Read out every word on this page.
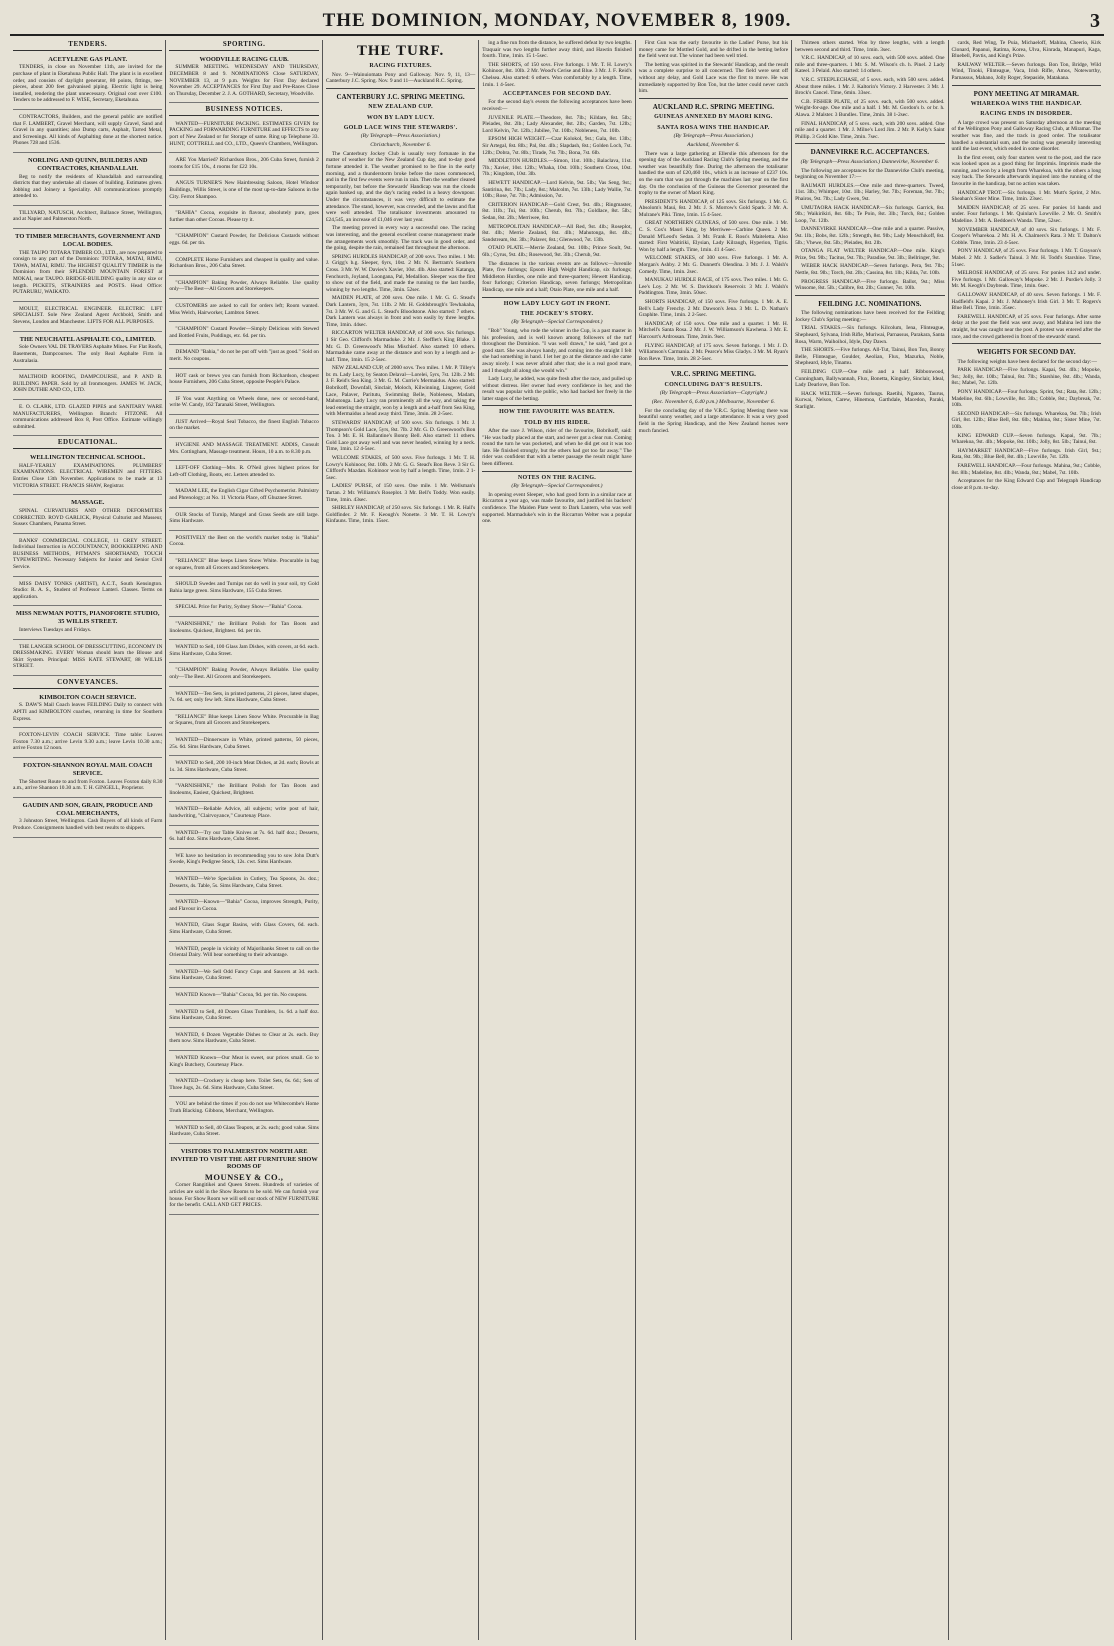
THE DOMINION, MONDAY, NOVEMBER 8, 1909.	3
TENDERS.
ACETYLENE GAS PLANT.

TENDERS, in close on November 11th, are invited for the purchase of plant in Eketahuna Public Hall. The plant is in excellent order, and consists of daylight generator, 80 points, fittings, tee-pieces, about 200 feet galvanised piping. Electric light is being installed, rendering the plant unnecessary. Original cost over £100. Tenders to be addressed to F. WISE, Secretary, Eketahuna.

CONTRACTORS, Builders, and the general public are notified that F. LAMBERT, Gravel Merchant, will supply Gravel, Sand and Gravel in any quantities; also Dump carts, Asphalt, Tarred Metal, and Screenings. All kinds of Asphalting done at the shortest notice. Phones 728 and 1536.

NORLING AND QUINN, BUILDERS AND CONTRACTORS, KHANDALLAH.

Beg to notify the residents of Khandallah and surrounding districts that they undertake all classes of building. Estimates given. Jobbing and Joinery a Speciality. All communications promptly attended to.

TILLYARD, NATUSCH, Architect, Ballance Street, Wellington, and at Napier and Palmerston North.

TO TIMBER MERCHANTS, GOVERNMENT AND LOCAL BODIES.

THE TAUPO TOTARA TIMBER CO., LTD., are now prepared to consign to any part of the Dominion: TOTARA, MATAI, RIMU, TAWA, MATAI, RIMU. The HIGHEST QUALITY TIMBER in the Dominion from their SPLENDID MOUNTAIN FOREST at MOKAI, near TAUPO. BRIDGE-BUILDING quality in any size or length. PICKETS, STRAINERS and POSTS. Head Office: PUTARURU, WAIKATO.

MOULT, ELECTRICAL ENGINEER. ELECTRIC LIFT SPECIALIST. Sole New Zealand Agent Archbold, Smith and Stevens, London and Manchester. LIFTS FOR ALL PURPOSES.

THE NEUCHATEL ASPHALTE CO., LIMITED.

Sole Owners VAL DE TRAVERS Asphalte Mines. For Flat Roofs, Basements, Dampcourses. The only Real Asphalte Firm in Australasia.

MALTHOID ROOFING, DAMPCOURSE, and P. AND B. BUILDING PAPER. Sold by all Ironmongers. JAMES W. JACK, JOHN DUTHIE AND CO., LTD.

E. O. CLARK, LTD. GLAZED PIPES and SANITARY WARE MANUFACTURERS, Wellington Branch: FITZONE. All communications addressed Box 8, Post Office. Estimate willingly submitted.

EDUCATIONAL.
WELLINGTON TECHNICAL SCHOOL.

HALF-YEARLY EXAMINATIONS. PLUMBERS' EXAMINATIONS. ELECTRICAL WIREMEN and FITTERS. Entries Close 13th November. Applications to be made at 13 VICTORIA STREET. FRANCIS SHAW, Registrar.

MASSAGE.

SPINAL CURVATURES AND OTHER DEFORMITIES CORRECTED. ROYD GARLICK, Physical Culturist and Masseur, Sussex Chambers, Panama Street.

BANKS' COMMERCIAL COLLEGE, 11 GREY STREET. Individual Instruction in ACCOUNTANCY, BOOKKEEPING AND BUSINESS METHODS, PITMAN'S SHORTHAND, TOUCH TYPEWRITING. Necessary Subjects for Junior and Senior Civil Service.

MISS DAISY TONKS (ARTIST), A.C.T., South Kensington. Studio: R. A. S., Student of Professor Lanteri. Classes. Terms on application.

MISS NEWMAN POTTS, PIANOFORTE STUDIO, 35 WILLIS STREET.

Interviews Tuesdays and Fridays.

THE LANGER SCHOOL OF DRESSCUTTING, ECONOMY IN DRESSMAKING. EVERY Woman should learn the Blouse and Skirt System. Principal: MISS KATE STEWART, 88 WILLIS STREET.

CONVEYANCES.
KIMBOLTON COACH SERVICE.

S. DAW'S Mail Coach leaves FEILDING Daily to connect with APITI and KIMBOLTON coaches, returning in time for Southern Express.

FOXTON-LEVIN COACH SERVICE. Time table: Leaves Foxton 7.30 a.m.; arrive Levin 9.30 a.m.; leave Levin 10.30 a.m.; arrive Foxton 12 noon.

FOXTON-SHANNON ROYAL MAIL COACH SERVICE.

The Shortest Route to and from Foxton. Leaves Foxton daily 8.30 a.m., arrive Shannon 10.30 a.m. T. H. GINGELL, Proprietor.

GAUDIN AND SON, GRAIN, PRODUCE AND COAL MERCHANTS,

3 Johnston Street, Wellington. Cash Buyers of all kinds of Farm Produce. Consignments handled with best results to shippers.

SPORTING.
WOODVILLE RACING CLUB.

SUMMER MEETING. WEDNESDAY AND THURSDAY, DECEMBER 8 and 9. NOMINATIONS Close SATURDAY, NOVEMBER 13, at 9 p.m. Weights for First Day declared November 29. ACCEPTANCES for First Day and Pre-Races Close on Thursday, December 2. J. A. GOTHARD, Secretary, Woodville.

BUSINESS NOTICES.

WANTED—FURNITURE PACKING. ESTIMATES GIVEN for PACKING and FORWARDING FURNITURE and EFFECTS to any port of New Zealand or for Storage of same. Ring up Telephone 33. HUNT, COTTRELL and CO., LTD., Queen's Chambers, Wellington.

ARE You Married? Richardson Bros., 206 Cuba Street, furnish 2 rooms for £15 10s., 4 rooms for £22 10s.

ANGUS TURNER'S New Hairdressing Saloon, Hotel Windsor Buildings, Willis Street, is one of the most up-to-date Saloons in the City. Ferrot Shampoo.

"BAHIA" Cocoa, exquisite in flavour, absolutely pure, goes further than other Cocoas. Please try it.

"CHAMPION" Custard Powder, for Delicious Custards without eggs. 6d. per tin.

COMPLETE Home Furnishers and cheapest in quality and value. Richardson Bros., 206 Cuba Street.

"CHAMPION" Baking Powder, Always Reliable. Use quality only—The Best—All Grocers and Storekeepers.

CUSTOMERS are asked to call for orders left; Room wanted. Miss Welch, Hairworker, Lambton Street.

"CHAMPION" Custard Powder—Simply Delicious with Stewed and Bottled Fruits, Puddings, etc. 6d. per tin.

DEMAND "Bahia," do not be put off with "just as good." Sold on merit. No coupons.

HOT cask or brews you can furnish from Richardson, cheapest house Furnishers, 206 Cuba Street, opposite People's Palace.

IF You want Anything on Wheels done, new or second-hand, write W. Candy, 162 Taranaki Street, Wellington.

JUST Arrived—Royal Seal Tobacco, the finest English Tobacco on the market.

HYGIENE AND MASSAGE TREATMENT. ADDIS, Consult Mrs. Cottingham, Massage treatment. Hours, 10 a.m. to 8.30 p.m.

LEFT-OFF Clothing—Mrs. R. O'Neil gives highest prices for Left-off Clothing, Boots, etc. Letters attended to.

MADAM LEE, the English Cigar Gifted Psychometrist. Palmistry and Phrenology; at No. 11 Victoria Place, off Ghuznee Street.

OUR Stocks of Turnip, Mangel and Grass Seeds are still large. Sims Hardware.

POSITIVELY the Best on the world's market today is "Bahia" Cocoa.

"RELIANCE" Blue keeps Linen Snow White. Procurable in bag or squares, from all Grocers and Storekeepers.

SHOULD Swedes and Turnips not do well in your soil, try Gold Bahia large green. Sims Hardware, 155 Cuba Street.

SPECIAL Price for Purity, Sydney Show—"Bahia" Cocoa.

"VARNISHINE," the Brilliant Polish for Tan Boots and linoleums. Quickest, Brightest. 6d. per tin.

WANTED to Sell, 100 Glass Jam Dishes, with covers, at 6d. each. Sims Hardware, Cuba Street.

"CHAMPION" Baking Powder, Always Reliable. Use quality only—The Best. All Grocers and Storekeepers.

WANTED—Ten Sets, in printed patterns, 21 pieces, latest shapes, 7s. 6d. set; only few left. Sims Hardware, Cuba Street.

"RELIANCE" Blue keeps Linen Snow White. Procurable in Bag or Squares, from all Grocers and Storekeepers.

WANTED—Dinnerware in White, printed patterns, 50 pieces, 25s. 6d. Sims Hardware, Cuba Street.

WANTED to Sell, 200 10-inch Meat Dishes, at 2d. each; Bowls at 1s. 3d. Sims Hardware, Cuba Street.

"VARNISHINE," the Brilliant Polish for Tan Boots and linoleums, Easiest, Quickest, Brightest.

WANTED—Reliable Advice, all subjects; write post of hair, handwriting, "Clairvoyance," Courtenay Place.

WANTED—Try our Table Knives at 7s. 6d. half doz.; Desserts, 6s. half doz. Sims Hardware, Cuba Street.

WE have no hesitation in recommending you to sow John Dutt's Swede, King's Pedigree Stock, 12s. cwt. Sims Hardware.

WANTED—We're Specialists in Cutlery, Tea Spoons, 2s. doz.; Desserts, 4s. Table, 5s. Sims Hardware, Cuba Street.

WANTED—Known—"Bahia" Cocoa, improves Strength, Purity, and Flavour in Cocoa.

WANTED, Glass Sugar Basins, with Glass Covers, 6d. each. Sims Hardware, Cuba Street.

WANTED, people in vicinity of Majoribanks Street to call on the Oriental Dairy. Will bear something to their advantage.

WANTED—We Sell Odd Fancy Cups and Saucers at 3d. each. Sims Hardware, Cuba Street.

WANTED Known—"Bahia" Cocoa, 9d. per tin. No coupons.

WANTED to Sell, 40 Dozen Glass Tumblers, 1s. 6d. a half doz. Sims Hardware, Cuba Street.

WANTED, 6 Dozen Vegetable Dishes to Clear at 2s. each. Buy them now. Sims Hardware, Cuba Street.

WANTED Known—Our Meat is sweet, our prices small. Go to King's Butchery, Courtenay Place.

WANTED—Crockery is cheap here. Toilet Sets, 6s. 6d.; Sets of Three Jugs, 2s. 6d. Sims Hardware, Cuba Street.

YOU are behind the times if you do not use Whitecombe's Home Truth Blacking. Gibbons, Merchant, Wellington.

WANTED to Sell, 40 Glass Teapots, at 2s. each; good value. Sims Hardware, Cuba Street.

VISITORS TO PALMERSTON NORTH ARE INVITED TO VISIT THE ART FURNITURE SHOW ROOMS OF
MOUNSEY & CO.,

Corner Rangitikei and Queen Streets. Hundreds of varieties of articles are sold in the Show Rooms to be sold. We can furnish your house. For Show Room we will sell our stock of NEW FURNITURE for the benefit. CALL AND GET PRICES.

THE TURF.
RACING FIXTURES.

Nov. 9—Wainuiomata Pony and Galloway. Nov. 9, 11, 13—Canterbury J.C. Spring. Nov. 9 and 11—Auckland R.C. Spring.

CANTERBURY J.C. SPRING MEETING.
NEW ZEALAND CUP.
WON BY LADY LUCY.
GOLD LACE WINS THE STEWARDS'.
(By Telegraph—Press Association.)
Christchurch, November 6.

The Canterbury Jockey Club is usually very fortunate in the matter of weather for the New Zealand Cup day, and to-day good fortune attended it. The weather promised to be fine in the early morning, and a thunderstorm broke before the races commenced, and in the first few events were run in rain. Then the weather cleared temporarily, but before the Stewards' Handicap was run the clouds again banked up, and the day's racing ended in a heavy downpour. Under the circumstances, it was very difficult to estimate the attendance. The stand, however, was crowded, and the lawns and flat were well attended. The totalisator investments amounted to £24,545, an increase of £1,046 over last year.

The meeting proved in every way a successful one. The racing was interesting, and the general excellent course management made the arrangements work smoothly. The track was in good order, and the going, despite the rain, remained fast throughout the afternoon.

SPRING HURDLES HANDICAP, of 200 sovs. Two miles. 1 Mr. J. Grigg's b.g. Sleeper, 6yrs, 10st. 2 Mr. N. Bertram's Southern Cross. 3 Mr. W. W. Davies's Xavier, 10st. 4lb. Also started: Katanga, Fenchurch, Joyland, Loongana, Pal, Medallion. Sleeper was the first to show out of the field, and made the running to the last hurdle, winning by two lengths. Time, 3min. 52sec.

MAIDEN PLATE, of 200 sovs. One mile. 1 Mr. G. G. Stead's Dark Lantern, 3yrs, 7st. 11lb. 2 Mr. H. Goldsbrough's Tewhakaha, 7st. 3 Mr. W. G. and G. L. Stead's Bloodstone. Also started: 7 others. Dark Lantern was always in front and won easily by three lengths. Time, 1min. 44sec.

RICCARTON WELTER HANDICAP, of 300 sovs. Six furlongs. 1 Sir Geo. Clifford's Marmaduke. 2 Mr. J. Stefflet's King Blake. 3 Mr. G. D. Greenwood's Miss Mischief. Also started: 10 others. Marmaduke came away at the distance and won by a length and a-half. Time, 1min. 15 2-5sec.

NEW ZEALAND CUP, of 2000 sovs. Two miles. 1 Mr. P. Tilley's br. m. Lady Lucy, by Seaton Delaval—Lorelei, 5yrs, 7st. 12lb. 2 Mr. J. F. Reid's Sea King. 3 Mr. G. M. Currie's Mermaidus. Also started: Bobrikoff, Downfall, Sinclair, Moloch, Kilwinning, Lingerer, Gold Lace, Palaver, Paritutu, Swimming Belle, Nobleness, Madam, Mahutonga. Lady Lucy ran prominently all the way, and taking the lead entering the straight, won by a length and a-half from Sea King, with Mermaidus a head away third. Time, 3min. 28 2-5sec.

STEWARDS' HANDICAP, of 500 sovs. Six furlongs. 1 Mr. J. Thompson's Gold Lace, 5yrs, 8st. 7lb. 2 Mr. G. D. Greenwood's Bon Ton. 3 Mr. E. H. Ballantine's Bonny Bell. Also started: 11 others. Gold Lace got away well and was never headed, winning by a neck. Time, 1min. 12 4-5sec.

WELCOME STAKES, of 500 sovs. Five furlongs. 1 Mr. T. H. Lowry's Kohinoor, 8st. 10lb. 2 Mr. G. G. Stead's Bon Reve. 3 Sir G. Clifford's Mazdan. Kohinoor won by half a length. Time, 1min. 2 1-5sec.

LADIES' PURSE, of 150 sovs. One mile. 1 Mr. Wellsman's Tartan. 2 Mr. Williams's Roseplot. 3 Mr. Bell's Toddy. Won easily. Time, 1min. 43sec.

SHIRLEY HANDICAP, of 250 sovs. Six furlongs. 1 Mr. R. Hall's Goldfinder. 2 Mr. F. Keough's Nonette. 3 Mr. T. H. Lowry's Kinfauns. Time, 1min. 15sec.

ing a fine run from the distance, he suffered defeat by two lengths. Traquair was two lengths further away third, and Hawtin finished fourth. Time, 1min. 15 1-5sec.

THE SHORTS, of 150 sovs. Five furlongs. 1 Mr. T. H. Lowry's Kohinoor, 8st. 10lb. 2 Mr. Wood's Cerise and Blue. 3 Mr. J. F. Reid's Chelsea. Also started: 6 others. Won comfortably by a length. Time, 1min. 1 4-5sec.

ACCEPTANCES FOR SECOND DAY.

For the second day's events the following acceptances have been received:—

JUVENILE PLATE.—Theodore, 8st. 7lb.; Kildare, 8st. 5lb.; Pleiades, 8st. 2lb.; Lady Alexander, 8st. 2lb.; Garden, 7st. 12lb.; Lord Kelvin, 7st. 12lb.; Jubilee, 7st. 10lb.; Nobleness, 7st. 10lb.

EPSOM HIGH WEIGHT.—Czar Kolokol, 9st.; Gala, 8st. 13lb.; Sir Artegal, 8st. 8lb.; Pal, 8st. 4lb.; Slapdash, 8st.; Golden Loch, 7st. 12lb.; Dobra, 7st. 8lb.; Tirade, 7st. 7lb.; Bona, 7st. 6lb.

MIDDLETON HURDLES.—Simon, 11st. 10lb.; Balaclava, 11st. 7lb.; Xavier, 10st. 12lb.; Whaka, 10st. 10lb.; Southern Cross, 10st. 7lb.; Kingdom, 10st. 3lb.

HEWETT HANDICAP.—Lord Kelvin, 9st. 5lb.; Vas Seng, 9st.; Santirina, 8st. 7lb.; Lady, 8st.; Malcolm, 7st. 13lb.; Lady Wallie, 7st. 10lb.; Rose, 7st. 7lb.; Admission, 7st.

CRITERION HANDICAP.—Gold Crest, 9st. 4lb.; Ringmaster, 8st. 11lb.; Tui, 8st. 10lb.; Cherub, 8st. 7lb.; Goldlace, 8st. 5lb.; Sedan, 8st. 2lb.; Merriwee, 8st.

METROPOLITAN HANDICAP.—All Red, 9st. 4lb.; Roseplot, 8st. 4lb.; Merrie Zealand, 8st. 4lb.; Mahutonga, 8st. 4lb.; Sandstream, 8st. 3lb.; Palaver, 8st.; Glenwood, 7st. 13lb.

OTAIO PLATE.—Merrie Zealand, 9st. 10lb.; Prince Soult, 9st. 6lb.; Cyrus, 9st. 4lb.; Rosewood, 9st. 3lb.; Cherub, 9st.

The distances in the various events are as follows:—Juvenile Plate, five furlongs; Epsom High Weight Handicap, six furlongs; Middleton Hurdles, one mile and three-quarters; Hewett Handicap, four furlongs; Criterion Handicap, seven furlongs; Metropolitan Handicap, one mile and a half; Otaio Plate, one mile and a half.

HOW LADY LUCY GOT IN FRONT.
THE JOCKEY'S STORY.
(By Telegraph—Special Correspondent.)

"Bob" Young, who rode the winner in the Cup, is a past master in his profession, and is well known among followers of the turf throughout the Dominion. "I was well drawn," he said, "and got a good start. She was always handy, and coming into the straight I felt she had something in hand. I let her go at the distance and she came away nicely. I was never afraid after that; she is a real good mare, and I thought all along she would win."

Lady Lucy, he added, was quite fresh after the race, and pulled up without distress. Her owner had every confidence in her, and the result was popular with the public, who had backed her freely in the latter stages of the betting.

HOW THE FAVOURITE WAS BEATEN.
TOLD BY HIS RIDER.

After the race J. Wilson, rider of the favourite, Bobrikoff, said: "He was badly placed at the start, and never got a clear run. Coming round the turn he was pocketed, and when he did get out it was too late. He finished strongly, but the others had got too far away." The rider was confident that with a better passage the result might have been different.

NOTES ON THE RACING.
(By Telegraph—Special Correspondent.)

In opening event Sleeper, who had good form in a similar race at Riccarton a year ago, was made favourite, and justified his backers' confidence. The Maiden Plate went to Dark Lantern, who was well supported. Marmaduke's win in the Riccarton Welter was a popular one.

First Gun was the early favourite in the Ladies' Purse, but his money came for Mottled Gold, and he drifted in the betting before the field went out. The winner had been well tried.

The betting was spirited in the Stewards' Handicap, and the result was a complete surprise to all concerned. The field were sent off without any delay, and Gold Lace was the first to move. He was immediately supported by Bon Ton, but the latter could never catch him.

AUCKLAND R.C. SPRING MEETING.
GUINEAS ANNEXED BY MAORI KING.
SANTA ROSA WINS THE HANDICAP.
(By Telegraph—Press Association.)
Auckland, November 6.

There was a large gathering at Ellerslie this afternoon for the opening day of the Auckland Racing Club's Spring meeting, and the weather was beautifully fine. During the afternoon the totalisator handled the sum of £20,460 10s., which is an increase of £237 10s. on the sum that was put through the machines last year on the first day. On the conclusion of the Guineas the Governor presented the trophy to the owner of Maori King.

PRESIDENT'S HANDICAP, of 125 sovs. Six furlongs. 1 Mr. G. Absolom's Maui, 8st. 2 Mr. J. S. Morrow's Gold Spark. 3 Mr. A. Mulrane's Piki. Time, 1min. 15 4-5sec.

GREAT NORTHERN GUINEAS, of 500 sovs. One mile. 1 Mr. C. S. Cox's Maori King, by Merriwee—Carbine Queen. 2 Mr. Donald M'Leod's Sedan. 3 Mr. Frank E. Ross's Maiteletta. Also started: First Waitiriki, Elysian, Lady Kilraugh, Hyperion, Tigris. Won by half a length. Time, 1min. 41 4-5sec.

WELCOME STAKES, of 300 sovs. Five furlongs. 1 Mr. A. Morgan's Ashby. 2 Mr. G. Dunnett's Olendina. 3 Mr. J. J. Walsh's Comedy. Time, 1min. 2sec.

MANUKAU HURDLE RACE, of 175 sovs. Two miles. 1 Mr. G. Lee's Loy. 2 Mr. W. S. Davidson's Reservoir. 3 Mr. J. Walsh's Paddington. Time, 3min. 50sec.

SHORTS HANDICAP, of 150 sovs. Five furlongs. 1 Mr. A. E. Bell's Lady Frenchy. 2 Mr. Dawson's Jena. 3 Mr. L. D. Nathan's Graphite. Time, 1min. 2 2-5sec.

HANDICAP, of 150 sovs. One mile and a quarter. 1 Mr. H. Mitchell's Santa Rosa. 2 Mr. J. W. Williamson's Kawhena. 3 Mr. E. Harcourt's Ardrossan. Time, 2min. 9sec.

FLYING HANDICAP, of 175 sovs. Seven furlongs. 1 Mr. J. D. Williamson's Carmania. 2 Mr. Pearce's Miss Gladys. 3 Mr. M. Ryan's Bon Reve. Time, 1min. 28 2-5sec.

V.R.C. SPRING MEETING.
CONCLUDING DAY'S RESULTS.
(By Telegraph—Press Association—Copyright.)
(Rec. November 6, 6.40 p.m.) Melbourne, November 6.

For the concluding day of the V.R.C. Spring Meeting there was beautiful sunny weather, and a large attendance. It was a very good field in the Spring Handicap, and the New Zealand horses were much fancied.

Thirteen others started. Won by three lengths, with a length between second and third. Time, 1min. 3sec.

V.R.C. HANDICAP, of 10 sovs. each, with 500 sovs. added. One mile and three-quarters. 1 Mr. S. M. Wilson's ch. h. Pinel. 2 Lady Kateel. 3 Pelaid. Also started: 14 others.

V.R.C. STEEPLECHASE, of 5 sovs. each, with 500 sovs. added. About three miles. 1 Mr. J. Kaltorin's Victory. 2 Harvester. 3 Mr. J. Brock's Cancel. Time, 6min. 33sec.

C.B. FISHER PLATE, of 25 sovs. each, with 500 sovs. added. Weight-for-age. One mile and a half. 1 Mr. M. Gordon's b. or br. h. Alawa. 2 Malster. 3 Bundles. Time, 2min. 38 1-2sec.

FINAL HANDICAP, of 5 sovs. each, with 200 sovs. added. One mile and a quarter. 1 Mr. J. Milne's Lord Jim. 2 Mr. P. Kelly's Saint Phillip. 3 Gold Kite. Time, 2min. 7sec.

DANNEVIRKE R.C. ACCEPTANCES.
(By Telegraph—Press Association.) Dannevirke, November 6.

The following are acceptances for the Dannevirke Club's meeting, beginning on November 17:—

RAUMATI HURDLES.—One mile and three-quarters. Tweed, 11st. 3lb.; Whimper, 10st. 1lb.; Harley, 9st. 7lb.; Foreman, 9st. 7lb.; Phairos, 9st. 7lb.; Lady Gwen, 9st.

UMUTAORA HACK HANDICAP.—Six furlongs. Garrick, 8st. 9lb.; Waikirikiri, 8st. 6lb.; Te Poin, 8st. 3lb.; Torch, 8st.; Golden Loop, 7st. 12lb.

DANNEVIRKE HANDICAP.—One mile and a quarter. Passive, 9st. 1lb.; Bobs, 8st. 12lb.; Strength, 8st. 9lb.; Lady Menschikoff, 8st. 5lb.; Vhewe, 8st. 5lb.; Pleiades, 8st. 2lb.

OTANGA FLAT WELTER HANDICAP.—One mile. King's Prize, 9st. 9lb.; Tacitus, 9st. 7lb.; Paradise, 9st. 3lb.; Bellringer, 9st.

WEBER HACK HANDICAP.—Seven furlongs. Pera, 9st. 7lb.; Nettle, 8st. 9lb.; Torch, 8st. 2lb.; Cassina, 8st. 1lb.; Kilda, 7st. 10lb.

PROGRESS HANDICAP.—Five furlongs. Ballot, 9st.; Miss Winsome, 8st. 5lb.; Calibre, 8st. 2lb.; Gunner, 7st. 10lb.

FEILDING J.C. NOMINATIONS.

The following nominations have been received for the Feilding Jockey Club's Spring meeting:—

TRIAL STAKES.—Six furlongs. Kilcolum, Iena, Flinteague, Shepheard, Sylvana, Irish Rifle, Muriwai, Parnassus, Parakara, Santa Rosa, Warm, Waihoihoi, Idyle, Day Dawn.

THE SHORTS.—Five furlongs. All-Tut, Tainui, Bon Ton, Bonny Belle, Flinteague, Goulder, Aeolian, Flux, Mazurka, Noble, Shepheard, Idyle, Tinamu.

FEILDING CUP.—One mile and a half. Ribbonwood, Cunningham, Ballywannah, Flux, Bonetta, Kingsley, Sinclair, Ideal, Lady Dearlove, Bon Ton.

HACK WELTER.—Seven furlongs. Raetihi, Ngatoto, Taurus, Kurwai, Nelson, Carew, Hinemoa, Garthdale, Macedon, Paraki, Starlight.

cards, Red Wing, Te Puia, Michaeloff, Mahina, Cheerio, Kirk Clonard, Papanui, Ratima, Korea, Ulva, Kinrada, Manapuri, Kaga, Bluebell, Pavtis, and King's Prize.

RAILWAY WELTER.—Seven furlongs. Bon Ton, Bridge, Wild Wind, Tinoki, Flinteague, Vaca, Irish Rifle, Amos, Noteworthy, Parnassus, Mahano, Jolly Roger, Stepaside, Matakana.

PONY MEETING AT MIRAMAR.
WHAREKOA WINS THE HANDICAP.
RACING ENDS IN DISORDER.

A large crowd was present on Saturday afternoon at the meeting of the Wellington Pony and Galloway Racing Club, at Miramar. The weather was fine, and the track in good order. The totalisator handled a substantial sum, and the racing was generally interesting until the last event, which ended in some disorder.

In the first event, only four starters went to the post, and the race was looked upon as a good thing for Imprimis. Imprimis made the running, and won by a length from Wharekoa, with the others a long way back. The Stewards afterwards inquired into the running of the favourite in the handicap, but no action was taken.

HANDICAP TROT.—Six furlongs. 1 Mr. Mutt's Sprint, 2 Mrs. Sheahan's Sister Mine. Time, 1min. 23sec.

MAIDEN HANDICAP, of 25 sovs. For ponies 14 hands and under. Four furlongs. 1 Mr. Quinlan's Lowville. 2 Mr. O. Smith's Madeline. 3 Mr. A. Beddoes's Wanda. Time, 52sec.

NOVEMBER HANDICAP, of 40 sovs. Six furlongs. 1 Mr. F. Cooper's Wharekoa. 2 Mr. H. A. Chalmers's Rata. 3 Mr. T. Dalton's Cobble. Time, 1min. 23 4-5sec.

PONY HANDICAP, of 25 sovs. Four furlongs. 1 Mr. T. Grayson's Mabel. 2 Mr. J. Sadler's Tainui. 3 Mr. H. Todd's Starshine. Time, 51sec.

MELROSE HANDICAP, of 25 sovs. For ponies 14.2 and under. Five furlongs. 1 Mr. Galloway's Mopoke. 2 Mr. J. Purdie's Jolly. 3 Mr. M. Keogh's Daybreak. Time, 1min. 6sec.

GALLOWAY HANDICAP, of 40 sovs. Seven furlongs. 1 Mr. F. Hadfield's Kapai. 2 Mr. J. Mahoney's Irish Girl. 3 Mr. T. Rogers's Blue Bell. Time, 1min. 35sec.

FAREWELL HANDICAP, of 25 sovs. Four furlongs. After some delay at the post the field was sent away, and Mahina led into the straight, but was caught near the post. A protest was entered after the race, and the crowd gathered in front of the stewards' stand.

WEIGHTS FOR SECOND DAY.

The following weights have been declared for the second day:—

PARK HANDICAP.—Five furlongs. Kapai, 9st. 4lb.; Mopoke, 9st.; Jolly, 8st. 10lb.; Tainui, 8st. 7lb.; Starshine, 8st. 4lb.; Wanda, 8st.; Mabel, 7st. 12lb.

PONY HANDICAP.—Four furlongs. Sprint, 9st.; Rata, 8st. 12lb.; Madeline, 8st. 6lb.; Lowville, 8st. 3lb.; Cobble, 8st.; Daybreak, 7st. 10lb.

SECOND HANDICAP.—Six furlongs. Wharekoa, 9st. 7lb.; Irish Girl, 8st. 12lb.; Blue Bell, 8st. 6lb.; Mahina, 8st.; Sister Mine, 7st. 10lb.

KING EDWARD CUP.—Seven furlongs. Kapai, 9st. 7lb.; Wharekoa, 9st. 4lb.; Mopoke, 8st. 10lb.; Jolly, 8st. 5lb.; Tainui, 8st.

HAYMARKET HANDICAP.—Five furlongs. Irish Girl, 9st.; Rata, 8st. 9lb.; Blue Bell, 8st. 4lb.; Lowville, 7st. 12lb.

FAREWELL HANDICAP.—Four furlongs. Mahina, 9st.; Cobble, 8st. 8lb.; Madeline, 8st. 4lb.; Wanda, 8st.; Mabel, 7st. 10lb.

Acceptances for the King Edward Cup and Telegraph Handicap close at 8 p.m. to-day.
